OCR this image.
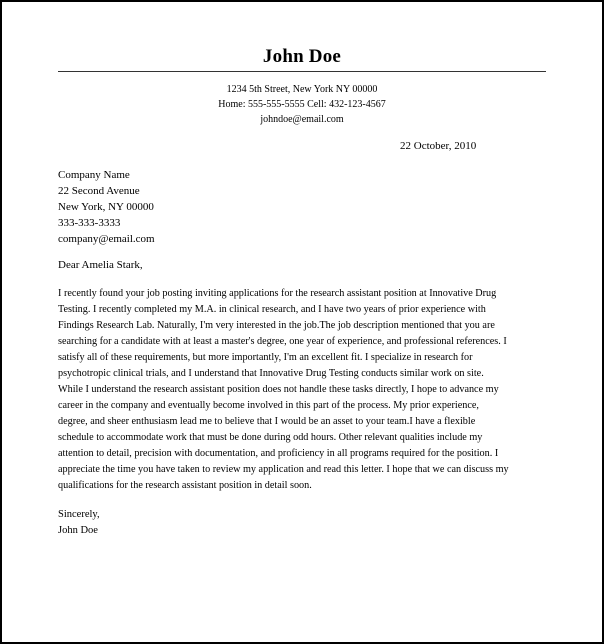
John Doe
1234 5th Street, New York NY 00000
Home: 555-555-5555 Cell: 432-123-4567
johndoe@email.com
22 October, 2010
Company Name
22 Second Avenue
New York, NY 00000
333-333-3333
company@email.com
Dear Amelia Stark,
I recently found your job posting inviting applications for the research assistant position at Innovative Drug
Testing. I recently completed my M.A. in clinical research, and I have two years of prior experience with
Findings Research Lab. Naturally, I'm very interested in the job.The job description mentioned that you are
searching for a candidate with at least a master's degree, one year of experience, and professional references. I
satisfy all of these requirements, but more importantly, I'm an excellent fit. I specialize in research for
psychotropic clinical trials, and I understand that Innovative Drug Testing conducts similar work on site.
While I understand the research assistant position does not handle these tasks directly, I hope to advance my
career in the company and eventually become involved in this part of the process. My prior experience,
degree, and sheer enthusiasm lead me to believe that I would be an asset to your team.I have a flexible
schedule to accommodate work that must be done during odd hours. Other relevant qualities include my
attention to detail, precision with documentation, and proficiency in all programs required for the position. I
appreciate the time you have taken to review my application and read this letter. I hope that we can discuss my
qualifications for the research assistant position in detail soon.
Sincerely,
John Doe
